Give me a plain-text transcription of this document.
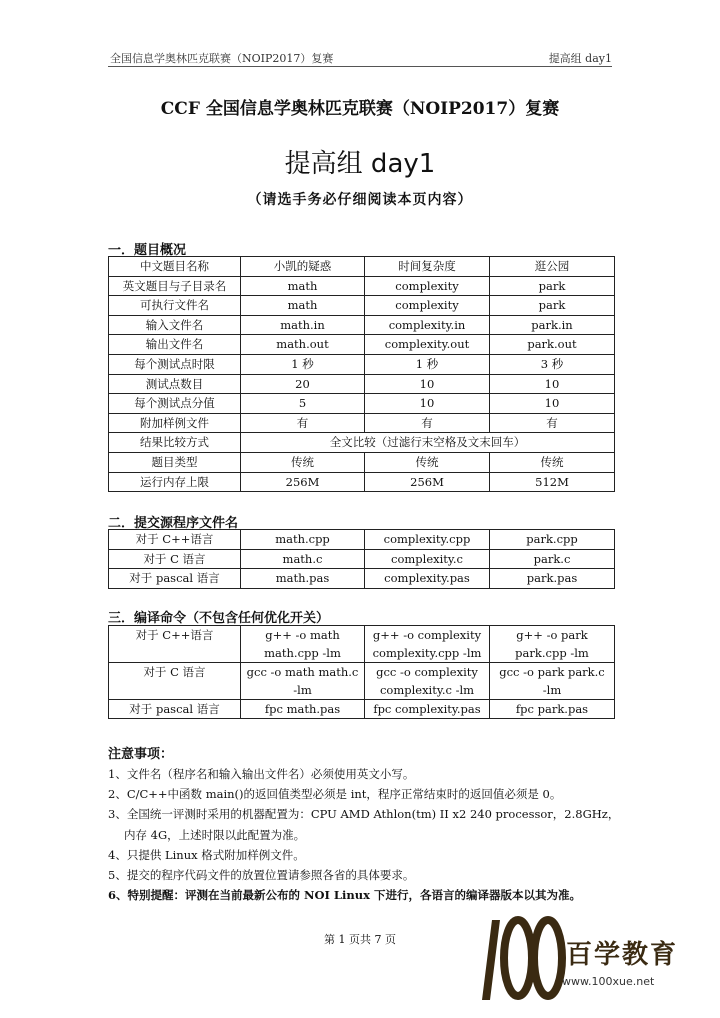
全国信息学奥林匹克联赛（NOIP2017）复赛	提高组 day1
CCF 全国信息学奥林匹克联赛（NOIP2017）复赛
提高组 day1
（请选手务必仔细阅读本页内容）
一．题目概况
中文题目名称	小凯的疑惑	时间复杂度	逛公园
英文题目与子目录名	math	complexity	park
可执行文件名	math	complexity	park
输入文件名	math.in	complexity.in	park.in
输出文件名	math.out	complexity.out	park.out
每个测试点时限	1 秒	1 秒	3 秒
测试点数目	20	10	10
每个测试点分值	5	10	10
附加样例文件	有	有	有
结果比较方式	全文比较（过滤行末空格及文末回车）		
题目类型	传统	传统	传统
运行内存上限	256M	256M	512M
二．提交源程序文件名
对于 C++语言	math.cpp	complexity.cpp	park.cpp
对于 C 语言	math.c	complexity.c	park.c
对于 pascal 语言	math.pas	complexity.pas	park.pas
三．编译命令（不包含任何优化开关）
对于 C++语言	g++ -o math	g++ -o complexity	g++ -o park
	math.cpp -lm	complexity.cpp -lm	park.cpp -lm
对于 C 语言	gcc -o math math.c	gcc -o complexity	gcc -o park park.c
	-lm	complexity.c -lm	-lm
对于 pascal 语言	fpc math.pas	fpc complexity.pas	fpc park.pas
注意事项：
1、文件名（程序名和输入输出文件名）必须使用英文小写。
2、C/C++中函数 main()的返回值类型必须是 int，程序正常结束时的返回值必须是 0。
3、全国统一评测时采用的机器配置为：CPU AMD Athlon(tm) II x2 240 processor，2.8GHz，
内存 4G，上述时限以此配置为准。
4、只提供 Linux 格式附加样例文件。
5、提交的程序代码文件的放置位置请参照各省的具体要求。
6、特别提醒：评测在当前最新公布的 NOI Linux 下进行，各语言的编译器版本以其为准。
第 1 页共 7 页
百学教育
www.100xue.net
